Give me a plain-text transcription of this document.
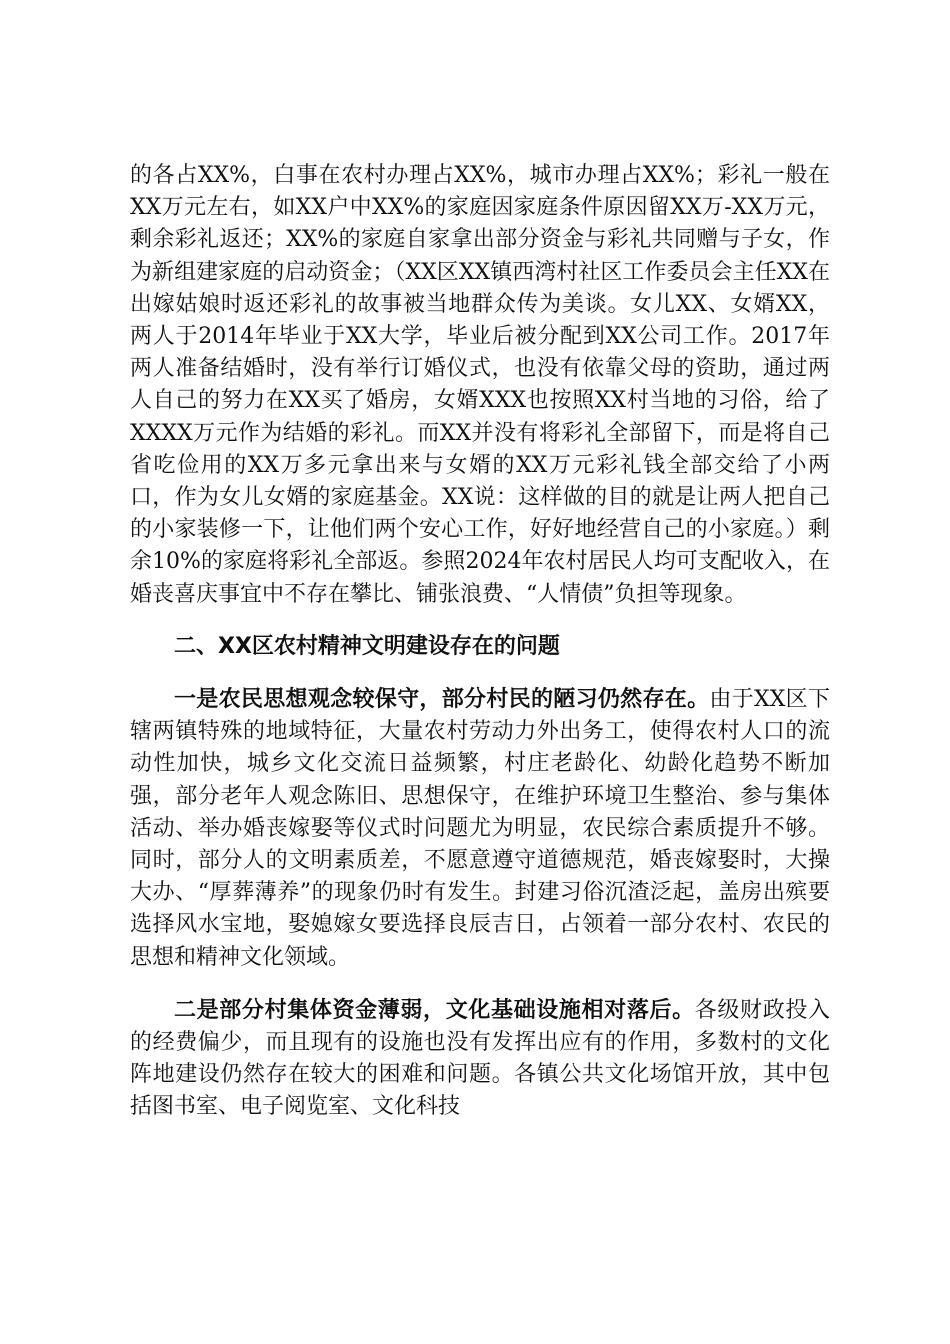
的各占XX%，白事在农村办理占XX%，城市办理占XX%；彩礼一般在XX万元左右，如XX户中XX%的家庭因家庭条件原因留XX万-XX万元，剩余彩礼返还；XX%的家庭自家拿出部分资金与彩礼共同赠与子女，作为新组建家庭的启动资金；（XX区XX镇西湾村社区工作委员会主任XX在出嫁姑娘时返还彩礼的故事被当地群众传为美谈。女儿XX、女婿XX，两人于2014年毕业于XX大学，毕业后被分配到XX公司工作。2017年两人准备结婚时，没有举行订婚仪式，也没有依靠父母的资助，通过两人自己的努力在XX买了婚房，女婿XXX也按照XX村当地的习俗，给了XXXX万元作为结婚的彩礼。而XX并没有将彩礼全部留下，而是将自己省吃俭用的XX万多元拿出来与女婿的XX万元彩礼钱全部交给了小两口，作为女儿女婿的家庭基金。XX说：这样做的目的就是让两人把自己的小家装修一下，让他们两个安心工作，好好地经营自己的小家庭。）剩余10%的家庭将彩礼全部返。参照2024年农村居民人均可支配收入，在婚丧喜庆事宜中不存在攀比、铺张浪费、“人情债”负担等现象。

二、XX区农村精神文明建设存在的问题

一是农民思想观念较保守，部分村民的陋习仍然存在。由于XX区下辖两镇特殊的地域特征，大量农村劳动力外出务工，使得农村人口的流动性加快，城乡文化交流日益频繁，村庄老龄化、幼龄化趋势不断加强，部分老年人观念陈旧、思想保守，在维护环境卫生整治、参与集体活动、举办婚丧嫁娶等仪式时问题尤为明显，农民综合素质提升不够。同时，部分人的文明素质差，不愿意遵守道德规范，婚丧嫁娶时，大操大办、“厚葬薄养”的现象仍时有发生。封建习俗沉渣泛起，盖房出殡要选择风水宝地，娶媳嫁女要选择良辰吉日，占领着一部分农村、农民的思想和精神文化领域。

二是部分村集体资金薄弱，文化基础设施相对落后。各级财政投入的经费偏少，而且现有的设施也没有发挥出应有的作用，多数村的文化阵地建设仍然存在较大的困难和问题。各镇公共文化场馆开放，其中包括图书室、电子阅览室、文化科技
